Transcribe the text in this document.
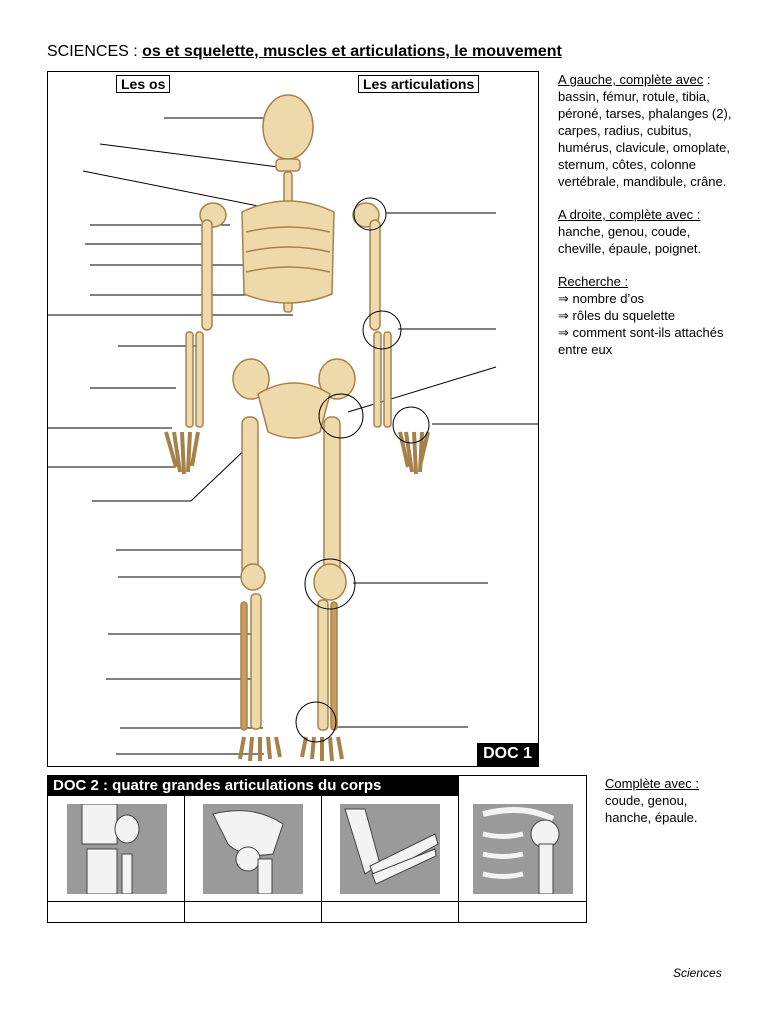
SCIENCES : os et squelette, muscles et articulations, le mouvement
Les os	Les articulations
DOC 1

A gauche, complète avec : bassin, fémur, rotule, tibia, péroné, tarses, phalanges (2), carpes, radius, cubitus, humérus, clavicule, omoplate, sternum, côtes, colonne vertébrale, mandibule, crâne.

A droite, complète avec : hanche, genou, coude, cheville, épaule, poignet.

Recherche :
⇒ nombre d’os
⇒ rôles du squelette
⇒ comment sont-ils attachés entre eux

DOC 2 : quatre grandes articulations du corps	Complète avec :
coude, genou, hanche, épaule.
Sciences
